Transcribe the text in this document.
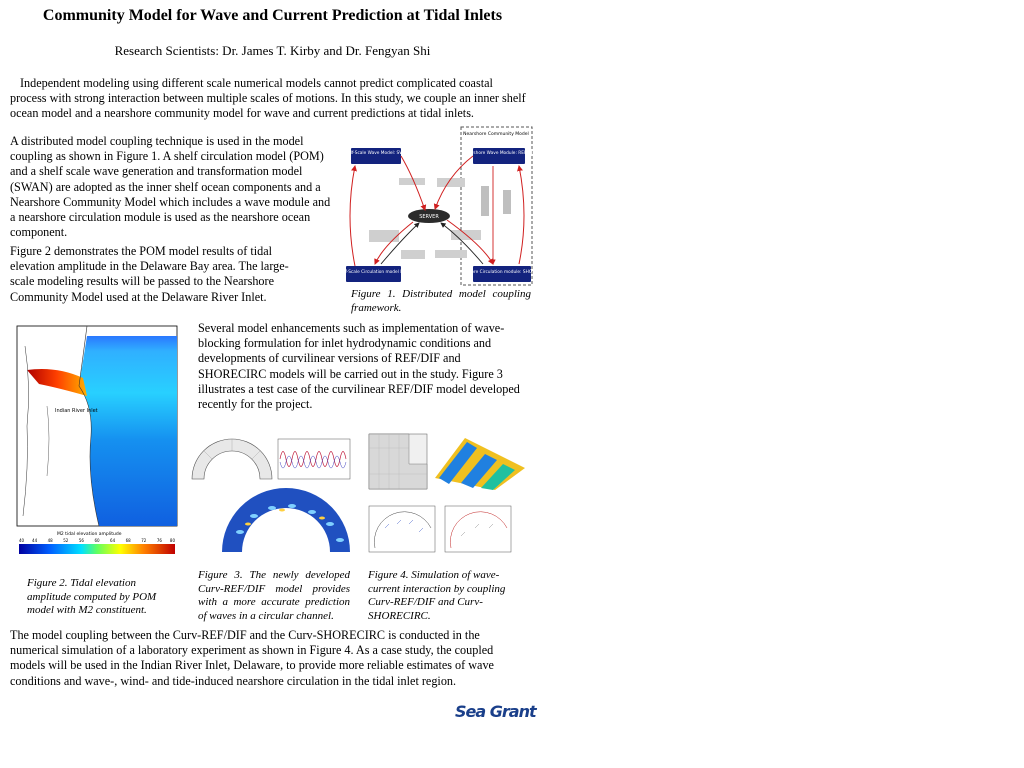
Community Model for Wave and Current Prediction at Tidal Inlets
Research Scientists: Dr. James T. Kirby and Dr. Fengyan Shi
Independent modeling using different scale numerical models cannot predict complicated coastal process with strong interaction between multiple scales of motions. In this study, we couple an inner shelf ocean model and a nearshore community model for wave and current predictions at tidal inlets.
A distributed model coupling technique is used in the model coupling as shown in Figure 1. A shelf circulation model (POM) and a shelf scale wave generation and transformation model (SWAN) are adopted as the inner shelf ocean components and a Nearshore Community Model which includes a wave module and a nearshore circulation module is used as the nearshore ocean component.
Figure 2 demonstrates the POM model results of tidal elevation amplitude in the Delaware Bay area. The large-scale modeling results will be passed to the Nearshore Community Model used at the Delaware River Inlet.
Several model enhancements such as implementation of wave-blocking formulation for inlet hydrodynamic conditions and developments of curvilinear versions of REF/DIF and SHORECIRC models will be carried out in the study. Figure 3 illustrates a test case of the curvilinear REF/DIF model developed recently for the project.
The model coupling between the Curv-REF/DIF and the Curv-SHORECIRC is conducted in the numerical simulation of a laboratory experiment as shown in Figure 4. As a case study, the coupled models will be used in the Indian River Inlet, Delaware, to provide more reliable estimates of wave conditions and wave-, wind- and tide-induced nearshore circulation in the tidal inlet region.
Nearshore Community Model
Shelf-Scale Wave Model: SWAN	Nearshore Wave Module: REF DIF
Shelf-Scale Circulation model POM	Nearshore Circulation module: SHORECIRC
SERVER
Figure 1. Distributed model coupling framework.
Indian River Inlet
M2 tidal elevation amplitude
40 44	48	52	56	60	64	68	72	76 80
Figure 2. Tidal elevation amplitude computed by POM model with M2 constituent.
Figure 3. The newly developed Curv-REF/DIF model provides with a more accurate prediction of waves in a circular channel.
Figure 4. Simulation of wave-current interaction by coupling Curv-REF/DIF and Curv-SHORECIRC.
Sea Grant
